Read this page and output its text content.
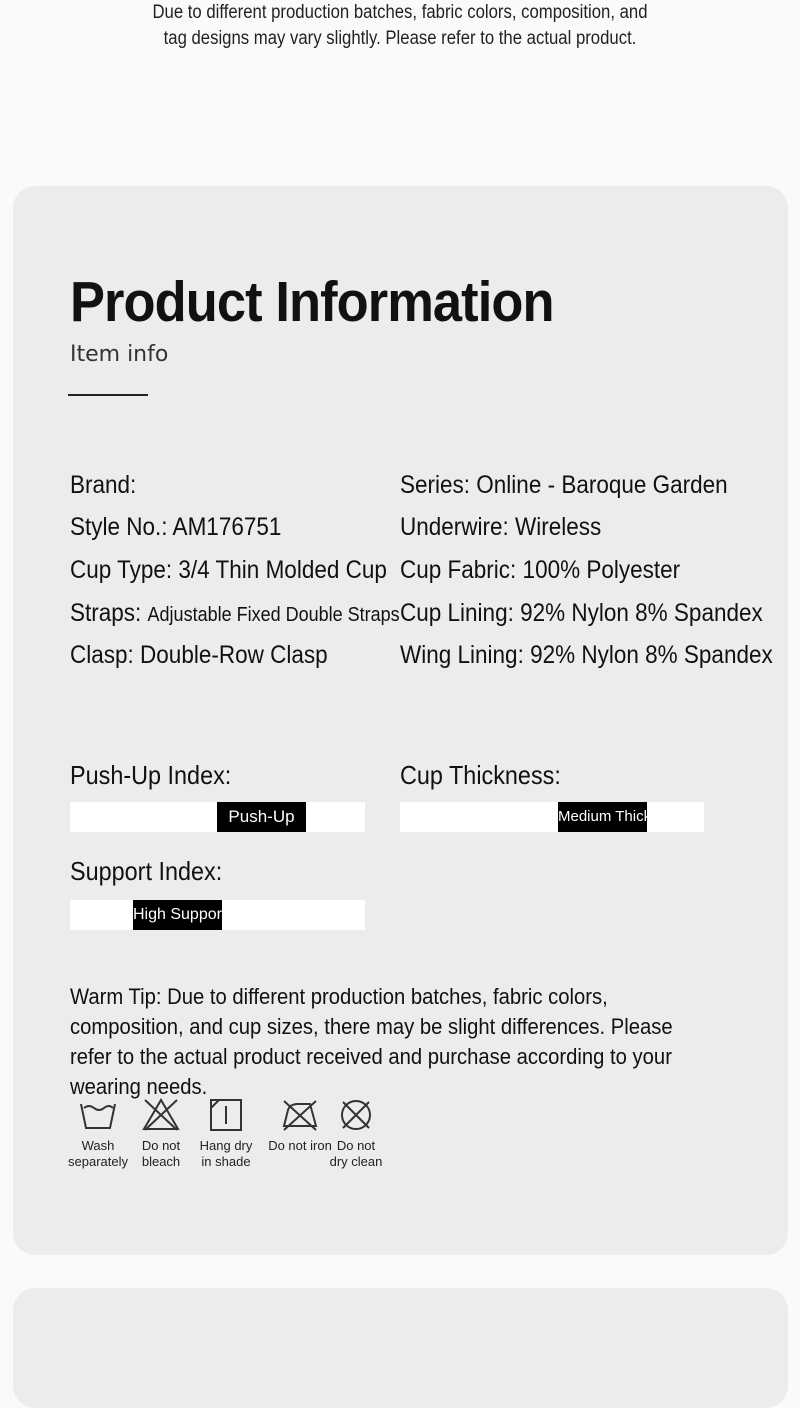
Due to different production batches, fabric colors, composition, and
tag designs may vary slightly. Please refer to the actual product.
Product Information
Item info
Brand:
Style No.: AM176751
Cup Type: 3/4 Thin Molded Cup
Straps: Adjustable Fixed Double Straps
Clasp: Double-Row Clasp
Series: Online - Baroque Garden
Underwire: Wireless
Cup Fabric: 100% Polyester
Cup Lining: 92% Nylon 8% Spandex
Wing Lining: 92% Nylon 8% Spandex
Push-Up Index:
Push-Up
Cup Thickness:
Medium Thick
Support Index:
High Support
Warm Tip: Due to different production batches, fabric colors, composition, and cup sizes, there may be slight differences. Please refer to the actual product received and purchase according to your wearing needs.
Wash
separately
Do not
bleach
Hang dry
in shade
Do not iron Do not
dry clean
